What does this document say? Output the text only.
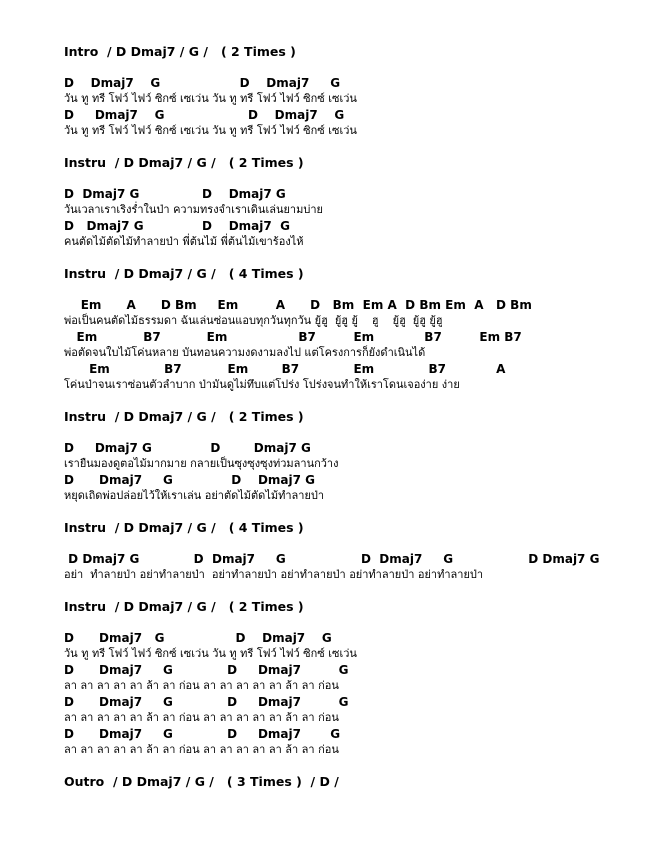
Intro  / D Dmaj7 / G /   ( 2 Times )
D    Dmaj7    G                   D    Dmaj7     G
วัน ทู ทรี โฟว์ ไฟว์ ซิกซ์ เซเว่น วัน ทู ทรี โฟว์ ไฟว์ ซิกซ์ เซเว่น
D     Dmaj7    G                    D    Dmaj7    G
วัน ทู ทรี โฟว์ ไฟว์ ซิกซ์ เซเว่น วัน ทู ทรี โฟว์ ไฟว์ ซิกซ์ เซเว่น
Instru  / D Dmaj7 / G /   ( 2 Times )
D  Dmaj7 G               D    Dmaj7 G
วันเวลาเราเริงร่ำในป่า ความทรงจำเราเดินเล่นยามบ่าย
D   Dmaj7 G              D    Dmaj7  G
คนตัดไม้ตัดไม้ทำลายป่า พี่ต้นไม้ พี่ต้นไม้เขาร้องไห้
Instru  / D Dmaj7 / G /   ( 4 Times )
Em      A      D Bm     Em         A      D   Bm  Em A  D Bm Em  A   D Bm
พ่อเป็นคนตัดไม้ธรรมดา ฉันเล่นซ่อนแอบทุกวันทุกวัน ยู้ฮู  ยู้ฮู ยู้    ฮู    ยู้ฮู  ยู้ฮู ยู้ฮู
Em           B7           Em                 B7         Em            B7         Em B7
พ่อตัดจนใบไม้โค่นหลาย บันทอนความงดงามลงไป แต่โครงการก็ยังดำเนินได้
Em             B7           Em        B7             Em             B7            A
โค่นป่าจนเราซ่อนตัวลำบาก ป่ามันดูไม่ทึบแต่โปร่ง โปร่งจนทำให้เราโดนเจอง่าย ง่าย
Instru  / D Dmaj7 / G /   ( 2 Times )
D     Dmaj7 G              D        Dmaj7 G
เรายืนมองดูตอไม้มากมาย กลายเป็นซุงซุงซุงท่วมลานกว้าง
D      Dmaj7     G              D    Dmaj7 G
หยุดเถิดพ่อปล่อยไว้ให้เราเล่น อย่าตัดไม้ตัดไม้ทำลายป่า
Instru  / D Dmaj7 / G /   ( 4 Times )
D Dmaj7 G             D  Dmaj7     G                  D  Dmaj7     G                  D Dmaj7 G
อย่า  ทำลายป่า อย่าทำลายป่า  อย่าทำลายป่า อย่าทำลายป่า อย่าทำลายป่า อย่าทำลายป่า
Instru  / D Dmaj7 / G /   ( 2 Times )
D      Dmaj7   G                 D    Dmaj7    G
วัน ทู ทรี โฟว์ ไฟว์ ซิกซ์ เซเว่น วัน ทู ทรี โฟว์ ไฟว์ ซิกซ์ เซเว่น
D      Dmaj7     G             D     Dmaj7         G
ลา ลา ลา ลา ลา ล้า ลา ก่อน ลา ลา ลา ลา ลา ล้า ลา ก่อน
D      Dmaj7     G             D     Dmaj7         G
ลา ลา ลา ลา ลา ล้า ลา ก่อน ลา ลา ลา ลา ลา ล้า ลา ก่อน
D      Dmaj7     G             D     Dmaj7       G
ลา ลา ลา ลา ลา ล้า ลา ก่อน ลา ลา ลา ลา ลา ล้า ลา ก่อน
Outro  / D Dmaj7 / G /   ( 3 Times )  / D /
